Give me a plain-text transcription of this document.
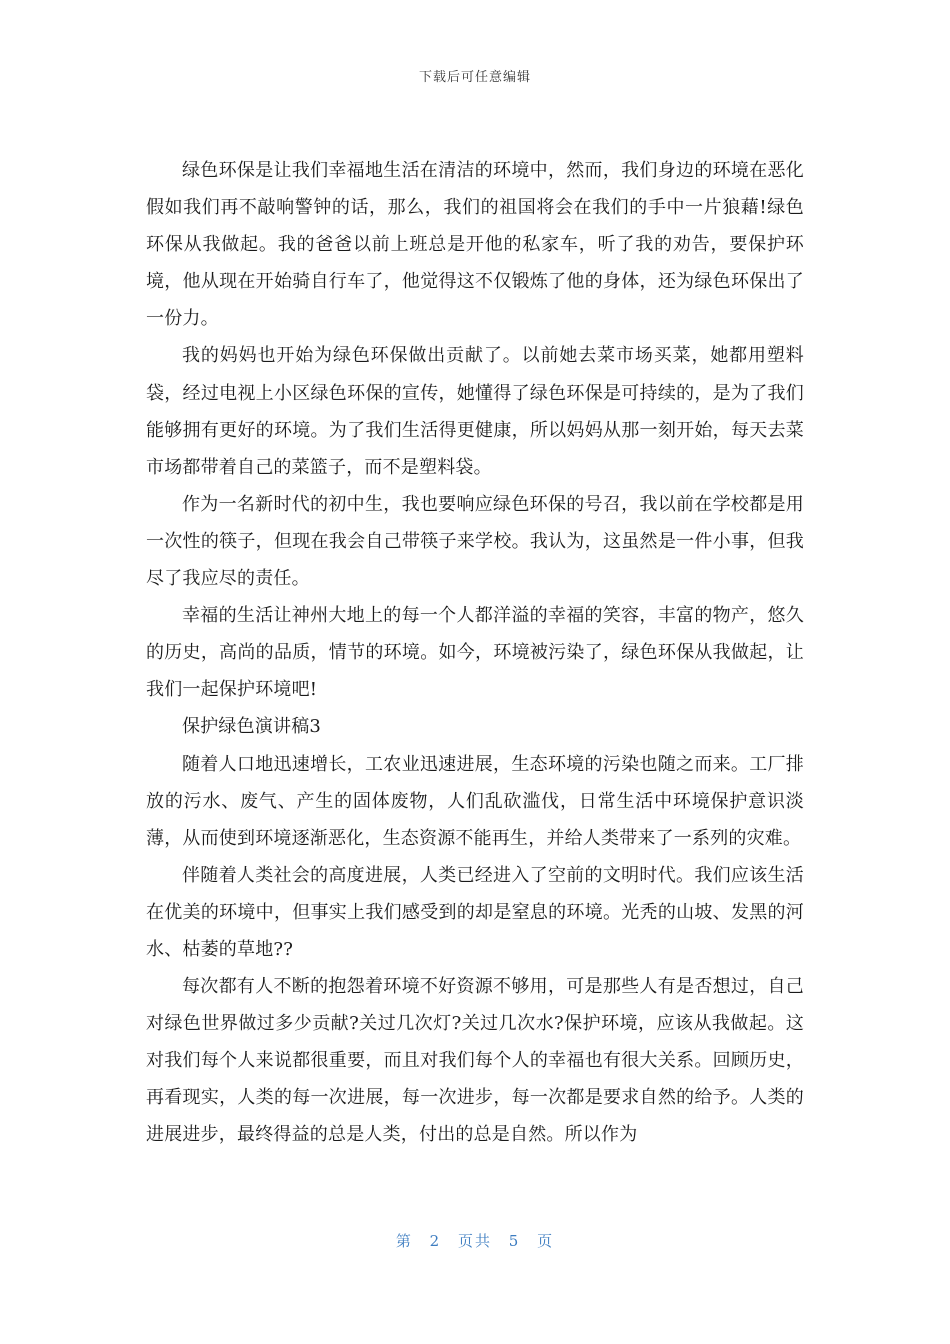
下载后可任意编辑

绿色环保是让我们幸福地生活在清洁的环境中，然而，我们身边的环境在恶化假如我们再不敲响警钟的话，那么，我们的祖国将会在我们的手中一片狼藉!绿色环保从我做起。我的爸爸以前上班总是开他的私家车，听了我的劝告，要保护环境，他从现在开始骑自行车了，他觉得这不仅锻炼了他的身体，还为绿色环保出了一份力。

我的妈妈也开始为绿色环保做出贡献了。以前她去菜市场买菜，她都用塑料袋，经过电视上小区绿色环保的宣传，她懂得了绿色环保是可持续的，是为了我们能够拥有更好的环境。为了我们生活得更健康，所以妈妈从那一刻开始，每天去菜市场都带着自己的菜篮子，而不是塑料袋。

作为一名新时代的初中生，我也要响应绿色环保的号召，我以前在学校都是用一次性的筷子，但现在我会自己带筷子来学校。我认为，这虽然是一件小事，但我尽了我应尽的责任。

幸福的生活让神州大地上的每一个人都洋溢的幸福的笑容，丰富的物产，悠久的历史，高尚的品质，情节的环境。如今，环境被污染了，绿色环保从我做起，让我们一起保护环境吧!

保护绿色演讲稿3

随着人口地迅速增长，工农业迅速进展，生态环境的污染也随之而来。工厂排放的污水、废气、产生的固体废物，人们乱砍滥伐，日常生活中环境保护意识淡薄，从而使到环境逐渐恶化，生态资源不能再生，并给人类带来了一系列的灾难。

伴随着人类社会的高度进展，人类已经进入了空前的文明时代。我们应该生活在优美的环境中，但事实上我们感受到的却是窒息的环境。光秃的山坡、发黑的河水、枯萎的草地??

每次都有人不断的抱怨着环境不好资源不够用，可是那些人有是否想过，自己对绿色世界做过多少贡献?关过几次灯?关过几次水?保护环境，应该从我做起。这对我们每个人来说都很重要，而且对我们每个人的幸福也有很大关系。回顾历史，再看现实，人类的每一次进展，每一次进步，每一次都是要求自然的给予。人类的进展进步，最终得益的总是人类，付出的总是自然。所以作为

第 2 页共 5 页
